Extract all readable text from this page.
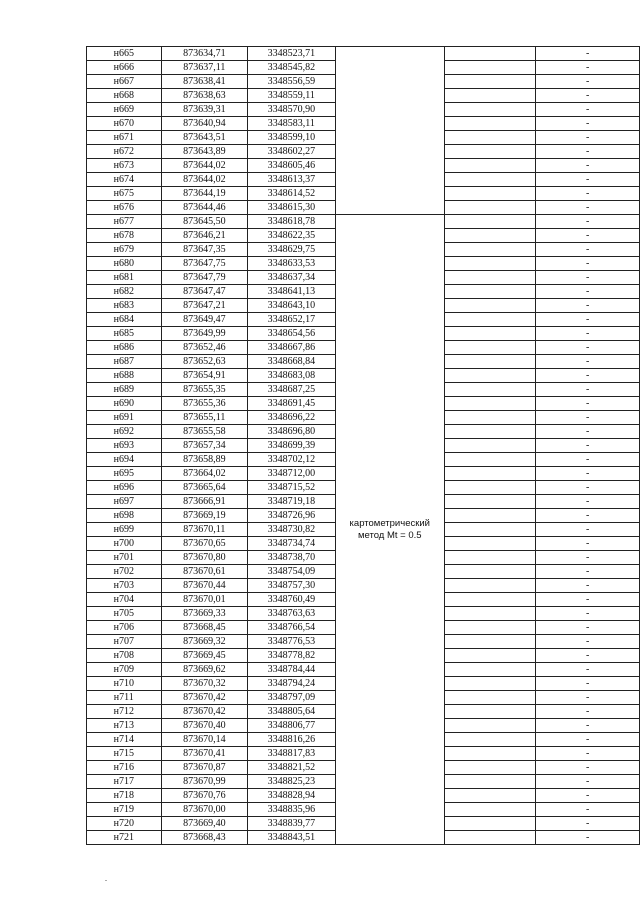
н665	873634,71	3348523,71			-
н666	873637,11	3348545,82			-
н667	873638,41	3348556,59			-
н668	873638,63	3348559,11			-
н669	873639,31	3348570,90			-
н670	873640,94	3348583,11			-
н671	873643,51	3348599,10			-
н672	873643,89	3348602,27			-
н673	873644,02	3348605,46			-
н674	873644,02	3348613,37			-
н675	873644,19	3348614,52			-
н676	873644,46	3348615,30			-
н677	873645,50	3348618,78	картометрический
метод Mt = 0.5		-
н678	873646,21	3348622,35			-
н679	873647,35	3348629,75			-
н680	873647,75	3348633,53			-
н681	873647,79	3348637,34			-
н682	873647,47	3348641,13			-
н683	873647,21	3348643,10			-
н684	873649,47	3348652,17			-
н685	873649,99	3348654,56			-
н686	873652,46	3348667,86			-
н687	873652,63	3348668,84			-
н688	873654,91	3348683,08			-
н689	873655,35	3348687,25			-
н690	873655,36	3348691,45			-
н691	873655,11	3348696,22			-
н692	873655,58	3348696,80			-
н693	873657,34	3348699,39			-
н694	873658,89	3348702,12			-
н695	873664,02	3348712,00			-
н696	873665,64	3348715,52			-
н697	873666,91	3348719,18			-
н698	873669,19	3348726,96			-
н699	873670,11	3348730,82			-
н700	873670,65	3348734,74			-
н701	873670,80	3348738,70			-
н702	873670,61	3348754,09			-
н703	873670,44	3348757,30			-
н704	873670,01	3348760,49			-
н705	873669,33	3348763,63			-
н706	873668,45	3348766,54			-
н707	873669,32	3348776,53			-
н708	873669,45	3348778,82			-
н709	873669,62	3348784,44			-
н710	873670,32	3348794,24			-
н711	873670,42	3348797,09			-
н712	873670,42	3348805,64			-
н713	873670,40	3348806,77			-
н714	873670,14	3348816,26			-
н715	873670,41	3348817,83			-
н716	873670,87	3348821,52			-
н717	873670,99	3348825,23			-
н718	873670,76	3348828,94			-
н719	873670,00	3348835,96			-
н720	873669,40	3348839,77			-
н721	873668,43	3348843,51			-
